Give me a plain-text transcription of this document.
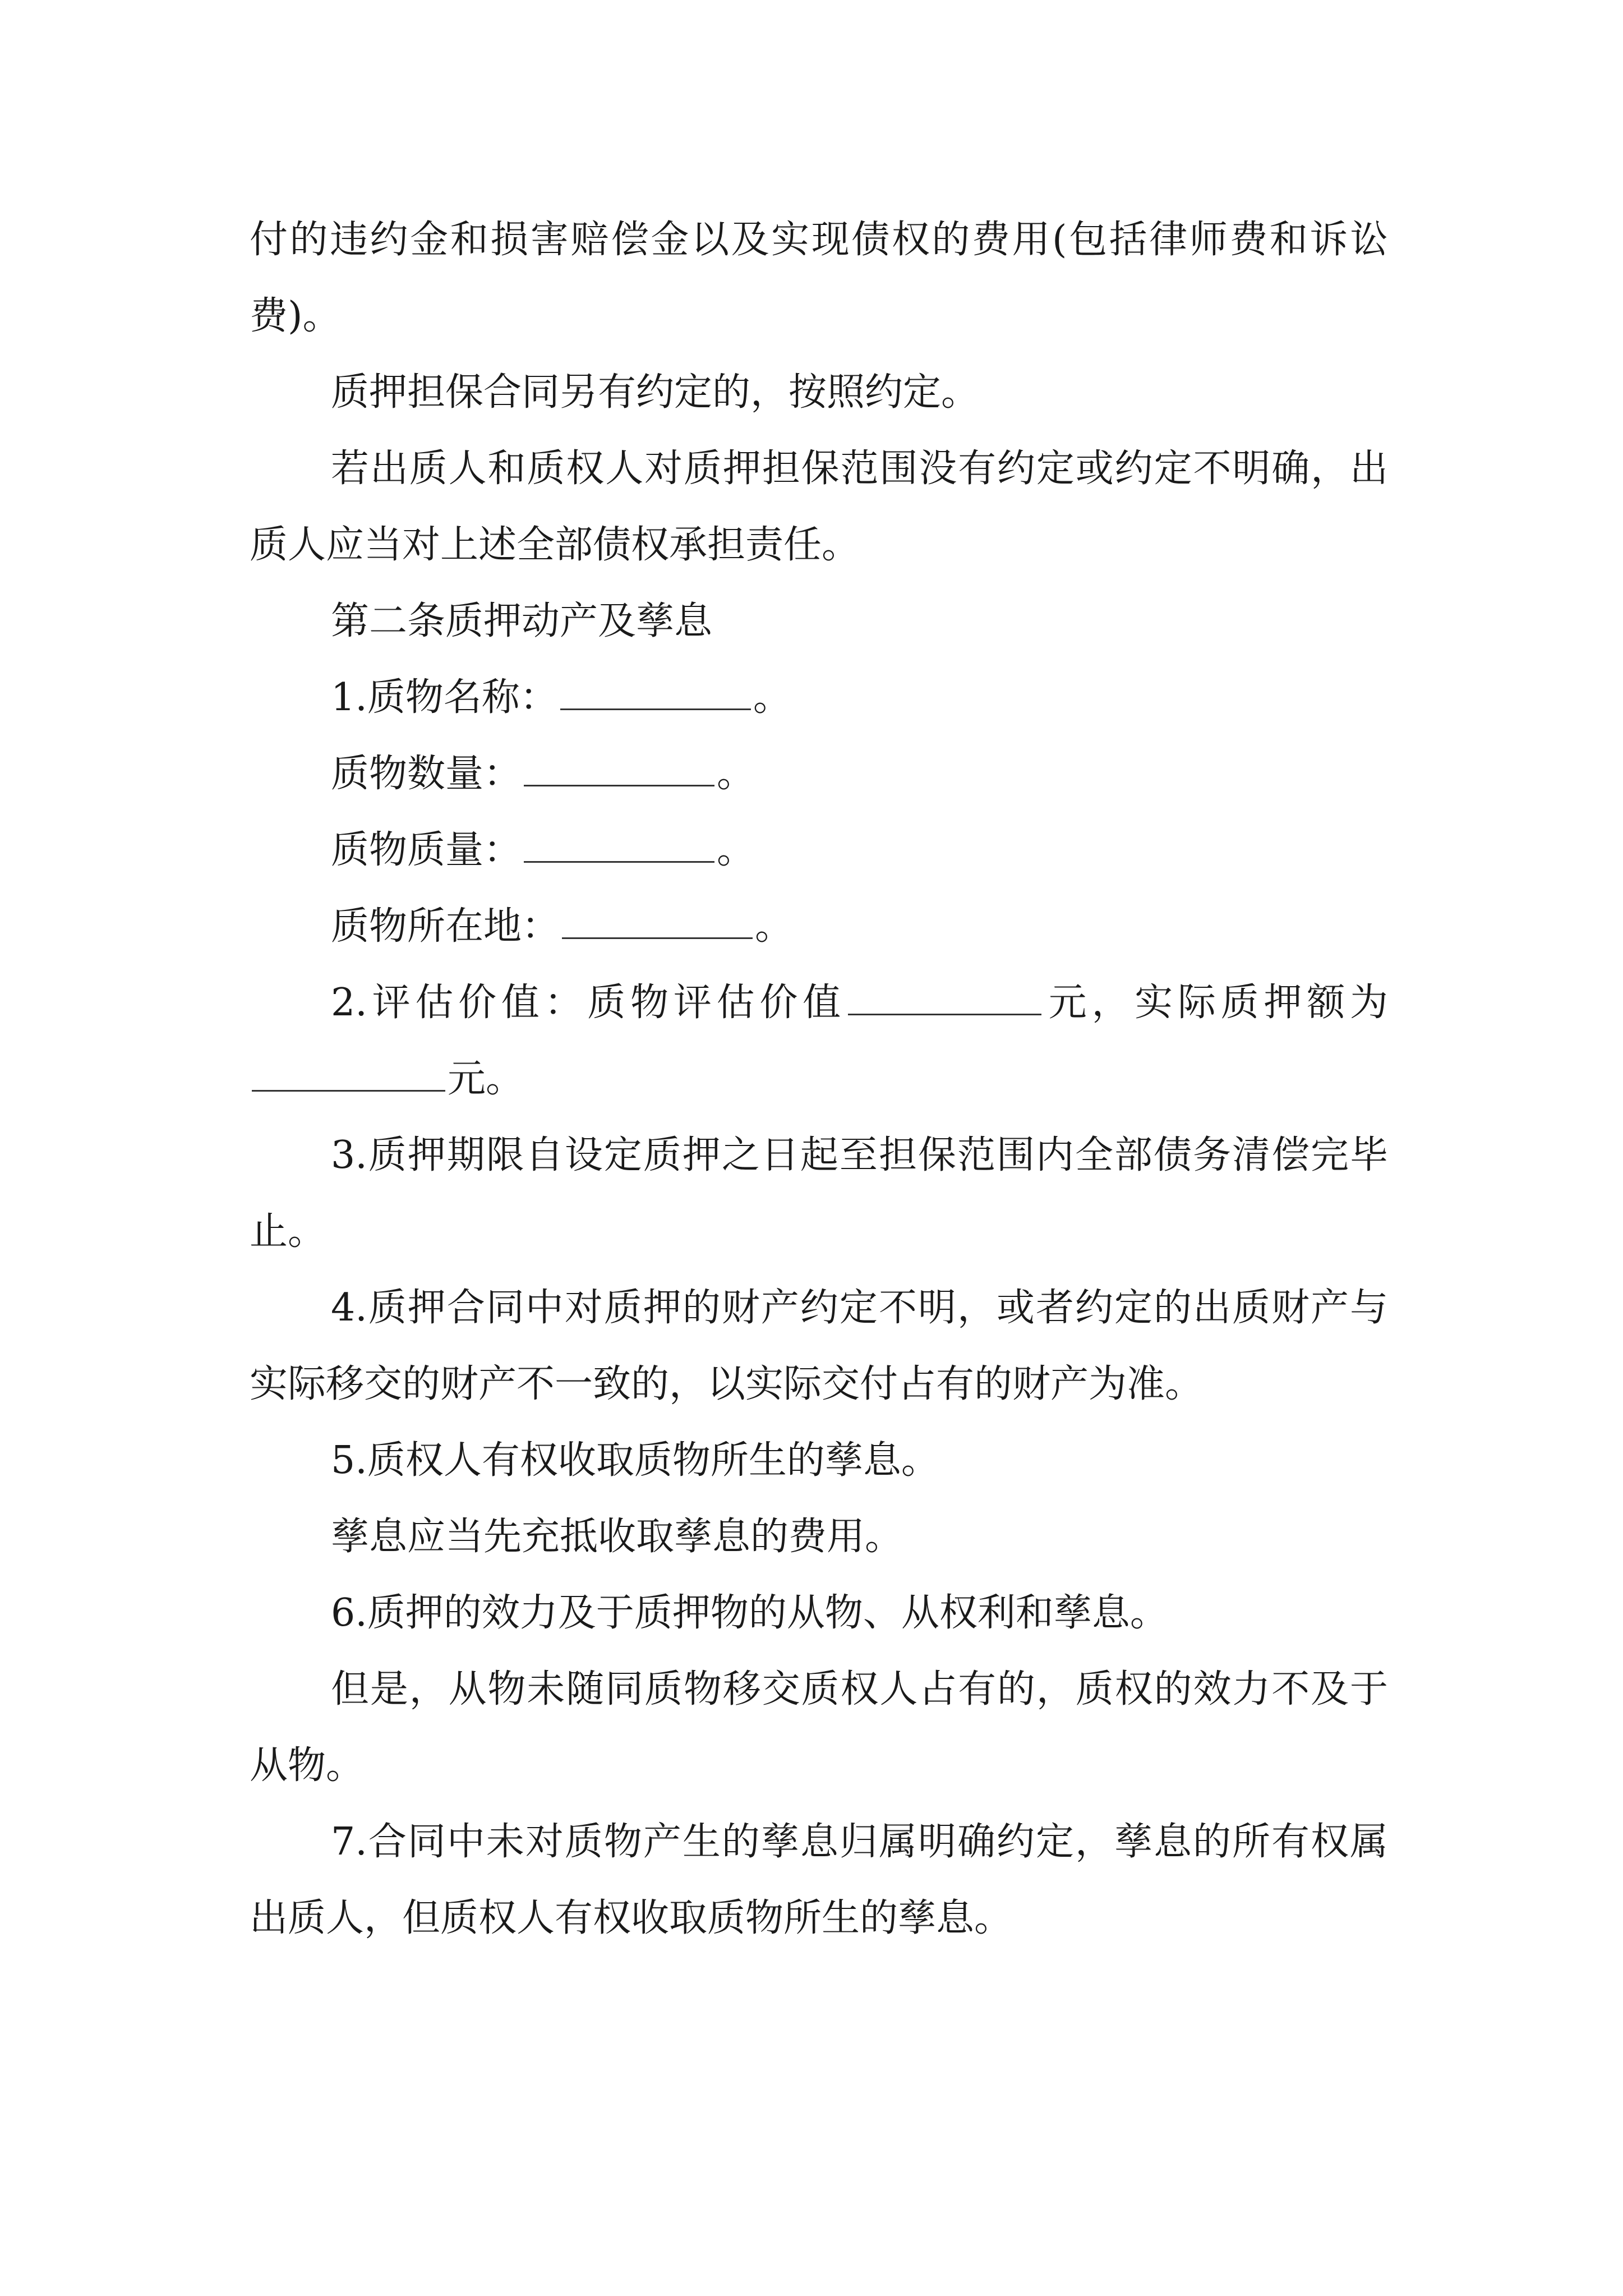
付的违约金和损害赔偿金以及实现债权的费用(包括律师费和诉讼费)。

质押担保合同另有约定的，按照约定。

若出质人和质权人对质押担保范围没有约定或约定不明确，出质人应当对上述全部债权承担责任。

第二条质押动产及孳息

1.质物名称：	。

质物数量：	。

质物质量：	。

质物所在地：	。

2.评估价值：质物评估价值	元，实际质押额为元。

3.质押期限自设定质押之日起至担保范围内全部债务清偿完毕止。

4.质押合同中对质押的财产约定不明，或者约定的出质财产与实际移交的财产不一致的，以实际交付占有的财产为准。

5.质权人有权收取质物所生的孳息。

孳息应当先充抵收取孳息的费用。

6.质押的效力及于质押物的从物、从权利和孳息。

但是，从物未随同质物移交质权人占有的，质权的效力不及于从物。

7.合同中未对质物产生的孳息归属明确约定，孳息的所有权属出质人，但质权人有权收取质物所生的孳息。
